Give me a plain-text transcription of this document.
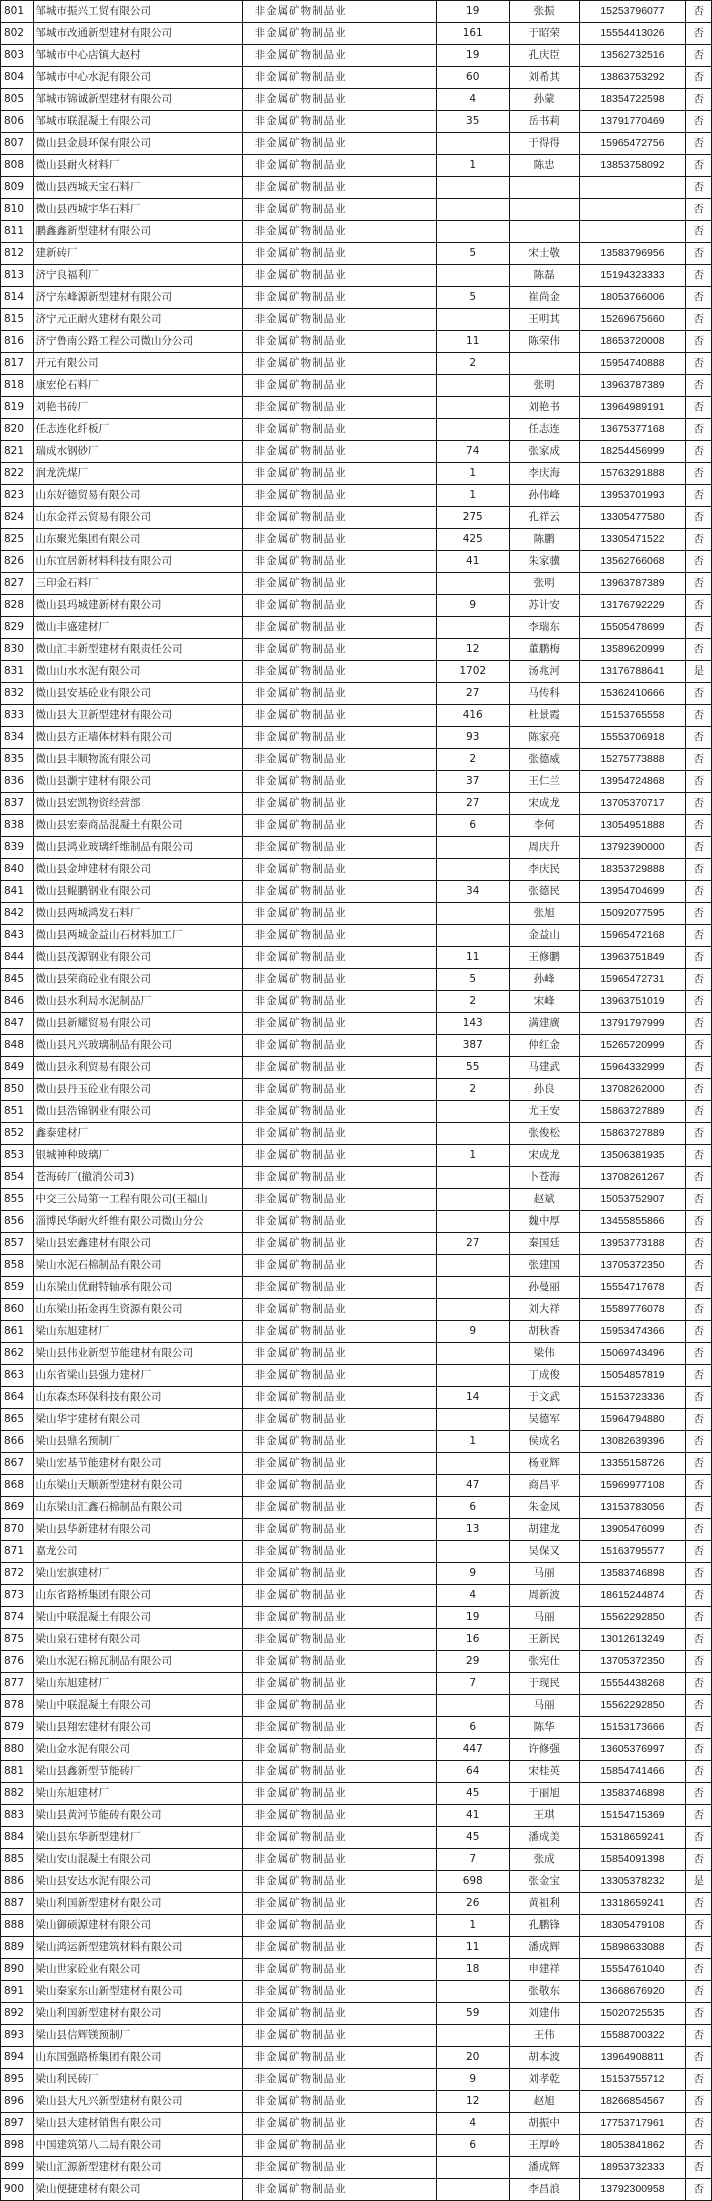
801	邹城市振兴工贸有限公司	非金属矿物制品业	19	张振	15253796077	否
802	邹城市改通新型建材有限公司	非金属矿物制品业	161	于昭荣	15554413026	否
803	邹城市中心店镇大赵村	非金属矿物制品业	19	孔庆臣	13562732516	否
804	邹城市中心水泥有限公司	非金属矿物制品业	60	刘希其	13863753292	否
805	邹城市锦诚新型建材有限公司	非金属矿物制品业	4	孙蒙	18354722598	否
806	邹城市联混凝土有限公司	非金属矿物制品业	35	岳书莉	13791770469	否
807	微山县金晨环保有限公司	非金属矿物制品业		于得得	15965472756	否
808	微山县耐火材料厂	非金属矿物制品业	1	陈忠	13853758092	否
809	微山县西城天宝石料厂	非金属矿物制品业				否
810	微山县西城宇华石料厂	非金属矿物制品业				否
811	鹏鑫鑫新型建材有限公司	非金属矿物制品业				否
812	建新砖厂	非金属矿物制品业	5	宋士敬	13583796956	否
813	济宁良福利厂	非金属矿物制品业		陈磊	15194323333	否
814	济宁东峰源新型建材有限公司	非金属矿物制品业	5	崔尚金	18053766006	否
815	济宁元正耐火建材有限公司	非金属矿物制品业		王明其	15269675660	否
816	济宁鲁南公路工程公司微山分公司	非金属矿物制品业	11	陈荣伟	18653720008	否
817	开元有限公司	非金属矿物制品业	2		15954740888	否
818	康宏伦石料厂	非金属矿物制品业		张明	13963787389	否
819	刘艳书砖厂	非金属矿物制品业		刘艳书	13964989191	否
820	任志连化纤板厂	非金属矿物制品业		任志连	13675377168	否
821	瑞成水钢砂厂	非金属矿物制品业	74	张家成	18254456999	否
822	润龙洗煤厂	非金属矿物制品业	1	李庆海	15763291888	否
823	山东好德贸易有限公司	非金属矿物制品业	1	孙伟峰	13953701993	否
824	山东金祥云贸易有限公司	非金属矿物制品业	275	孔祥云	13305477580	否
825	山东聚光集团有限公司	非金属矿物制品业	425	陈鹏	13305471522	否
826	山东宜居新材料科技有限公司	非金属矿物制品业	41	朱家骥	13562766068	否
827	三印金石料厂	非金属矿物制品业		张明	13963787389	否
828	微山县玛城建新材有限公司	非金属矿物制品业	9	苏计安	13176792229	否
829	微山丰盛建材厂	非金属矿物制品业		李瑞东	15505478699	否
830	微山汇丰新型建材有限责任公司	非金属矿物制品业	12	董鹏梅	13589620999	否
831	微山山水水泥有限公司	非金属矿物制品业	1702	汤兆河	13176788641	是
832	微山县安基砼业有限公司	非金属矿物制品业	27	马传科	15362410666	否
833	微山县大卫新型建材有限公司	非金属矿物制品业	416	杜景霞	15153765558	否
834	微山县方正墙体材料有限公司	非金属矿物制品业	93	陈家亮	15553706918	否
835	微山县丰顺物流有限公司	非金属矿物制品业	2	张德威	15275773888	否
836	微山县灏宇建材有限公司	非金属矿物制品业	37	王仁兰	13954724868	否
837	微山县宏凯物资经营部	非金属矿物制品业	27	宋成龙	13705370717	否
838	微山县宏泰商品混凝土有限公司	非金属矿物制品业	6	李何	13054951888	否
839	微山县鸿业玻璃纤维制品有限公司	非金属矿物制品业		周庆升	13792390000	否
840	微山县金坤建材有限公司	非金属矿物制品业		李庆民	18353729888	否
841	微山县鲲鹏钢业有限公司	非金属矿物制品业	34	张德民	13954704699	否
842	微山县两城鸿发石料厂	非金属矿物制品业		张旭	15092077595	否
843	微山县两城金益山石材料加工厂	非金属矿物制品业		金益山	15965472168	否
844	微山县茂源钢业有限公司	非金属矿物制品业	11	王修鹏	13963751849	否
845	微山县荣商砼业有限公司	非金属矿物制品业	5	孙峰	15965472731	否
846	微山县水利局水泥制品厂	非金属矿物制品业	2	宋峰	13963751019	否
847	微山县新耀贸易有限公司	非金属矿物制品业	143	满建廣	13791797999	否
848	微山县凡兴玻璃制品有限公司	非金属矿物制品业	387	仲红金	15265720999	否
849	微山县永利贸易有限公司	非金属矿物制品业	55	马建武	15964332999	否
850	微山县丹玉砼业有限公司	非金属矿物制品业	2	孙良	13708262000	否
851	微山县浩锦钢业有限公司	非金属矿物制品业		尤王安	15863727889	否
852	鑫泰建材厂	非金属矿物制品业		张俊松	15863727889	否
853	银城神种玻璃厂	非金属矿物制品业	1	宋成龙	13506381935	否
854	苍海砖厂(撤消公司3)	非金属矿物制品业		卜苍海	13708261267	否
855	中交三公局第一工程有限公司(王福山	非金属矿物制品业		赵斌	15053752907	否
856	淄博民华耐火纤维有限公司微山分公	非金属矿物制品业		魏中厚	13455855866	否
857	梁山县宏鑫建材有限公司	非金属矿物制品业	27	秦国廷	13953773188	否
858	梁山水泥石棉制品有限公司	非金属矿物制品业		张建国	13705372350	否
859	山东梁山优耐特轴承有限公司	非金属矿物制品业		孙曼丽	15554717678	否
860	山东梁山拓金再生资源有限公司	非金属矿物制品业		刘大祥	15589776078	否
861	梁山东旭建材厂	非金属矿物制品业	9	胡秋香	15953474366	否
862	梁山县伟业新型节能建材有限公司	非金属矿物制品业		梁伟	15069743496	否
863	山东省梁山县强力建材厂	非金属矿物制品业		丁成俊	15054857819	否
864	山东森杰环保科技有限公司	非金属矿物制品业	14	于文武	15153723336	否
865	梁山华宇建材有限公司	非金属矿物制品业		吴德军	15964794880	否
866	梁山县鼎名预制厂	非金属矿物制品业	1	侯成名	13082639396	否
867	梁山宏基节能建材有限公司	非金属矿物制品业		杨亚辉	13355158726	否
868	山东梁山天顺新型建材有限公司	非金属矿物制品业	47	商昌平	15969977108	否
869	山东梁山汇鑫石棉制品有限公司	非金属矿物制品业	6	朱金凤	13153783056	否
870	梁山县华新建材有限公司	非金属矿物制品业	13	胡建龙	13905476099	否
871	嘉龙公司	非金属矿物制品业		吴保又	15163795577	否
872	梁山宏旗建材厂	非金属矿物制品业	9	马丽	13583746898	否
873	山东省路桥集团有限公司	非金属矿物制品业	4	周新波	18615244874	否
874	梁山中联混凝土有限公司	非金属矿物制品业	19	马丽	15562292850	否
875	梁山泉石建材有限公司	非金属矿物制品业	16	王新民	13012613249	否
876	梁山水泥石棉瓦制品有限公司	非金属矿物制品业	29	张宪仕	13705372350	否
877	梁山东旭建材厂	非金属矿物制品业	7	于现民	15554438268	否
878	梁山中联混凝土有限公司	非金属矿物制品业		马丽	15562292850	否
879	梁山县翔宏建材有限公司	非金属矿物制品业	6	陈华	15153173666	否
880	梁山金水泥有限公司	非金属矿物制品业	447	许修强	13605376997	否
881	梁山县鑫新型节能砖厂	非金属矿物制品业	64	宋桂英	15854741466	否
882	梁山东旭建材厂	非金属矿物制品业	45	于丽旭	13583746898	否
883	梁山县黄河节能砖有限公司	非金属矿物制品业	41	王琪	15154715369	否
884	梁山县东华新型建材厂	非金属矿物制品业	45	潘成美	15318659241	否
885	梁山安山混凝土有限公司	非金属矿物制品业	7	张成	15854091398	否
886	梁山县安达水泥有限公司	非金属矿物制品业	698	张金宝	13305378232	是
887	梁山利国新型建材有限公司	非金属矿物制品业	26	黄祖利	13318659241	否
888	梁山御硕源建材有限公司	非金属矿物制品业	1	孔鹏锋	18305479108	否
889	梁山鸿运新型建筑材料有限公司	非金属矿物制品业	11	潘成辉	15898633088	否
890	梁山世家砼业有限公司	非金属矿物制品业	18	申建祥	15554761040	否
891	梁山秦家东山新型建材有限公司	非金属矿物制品业		张敬东	13668676920	否
892	梁山利国新型建材有限公司	非金属矿物制品业	59	刘建伟	15020725535	否
893	梁山县信辉镁预制厂	非金属矿物制品业		王伟	15588700322	否
894	山东国强路桥集团有限公司	非金属矿物制品业	20	胡本波	13964908811	否
895	梁山利民砖厂	非金属矿物制品业	9	刘孝乾	15153755712	否
896	梁山县大凡兴新型建材有限公司	非金属矿物制品业	12	赵旭	18266854567	否
897	梁山县大建材销售有限公司	非金属矿物制品业	4	胡振中	17753717961	否
898	中国建筑第八二局有限公司	非金属矿物制品业	6	王厚岭	18053841862	否
899	梁山汇源新型建材有限公司	非金属矿物制品业		潘成辉	18953732333	否
900	梁山便捷建材有限公司	非金属矿物制品业		李昌浪	13792300958	否
